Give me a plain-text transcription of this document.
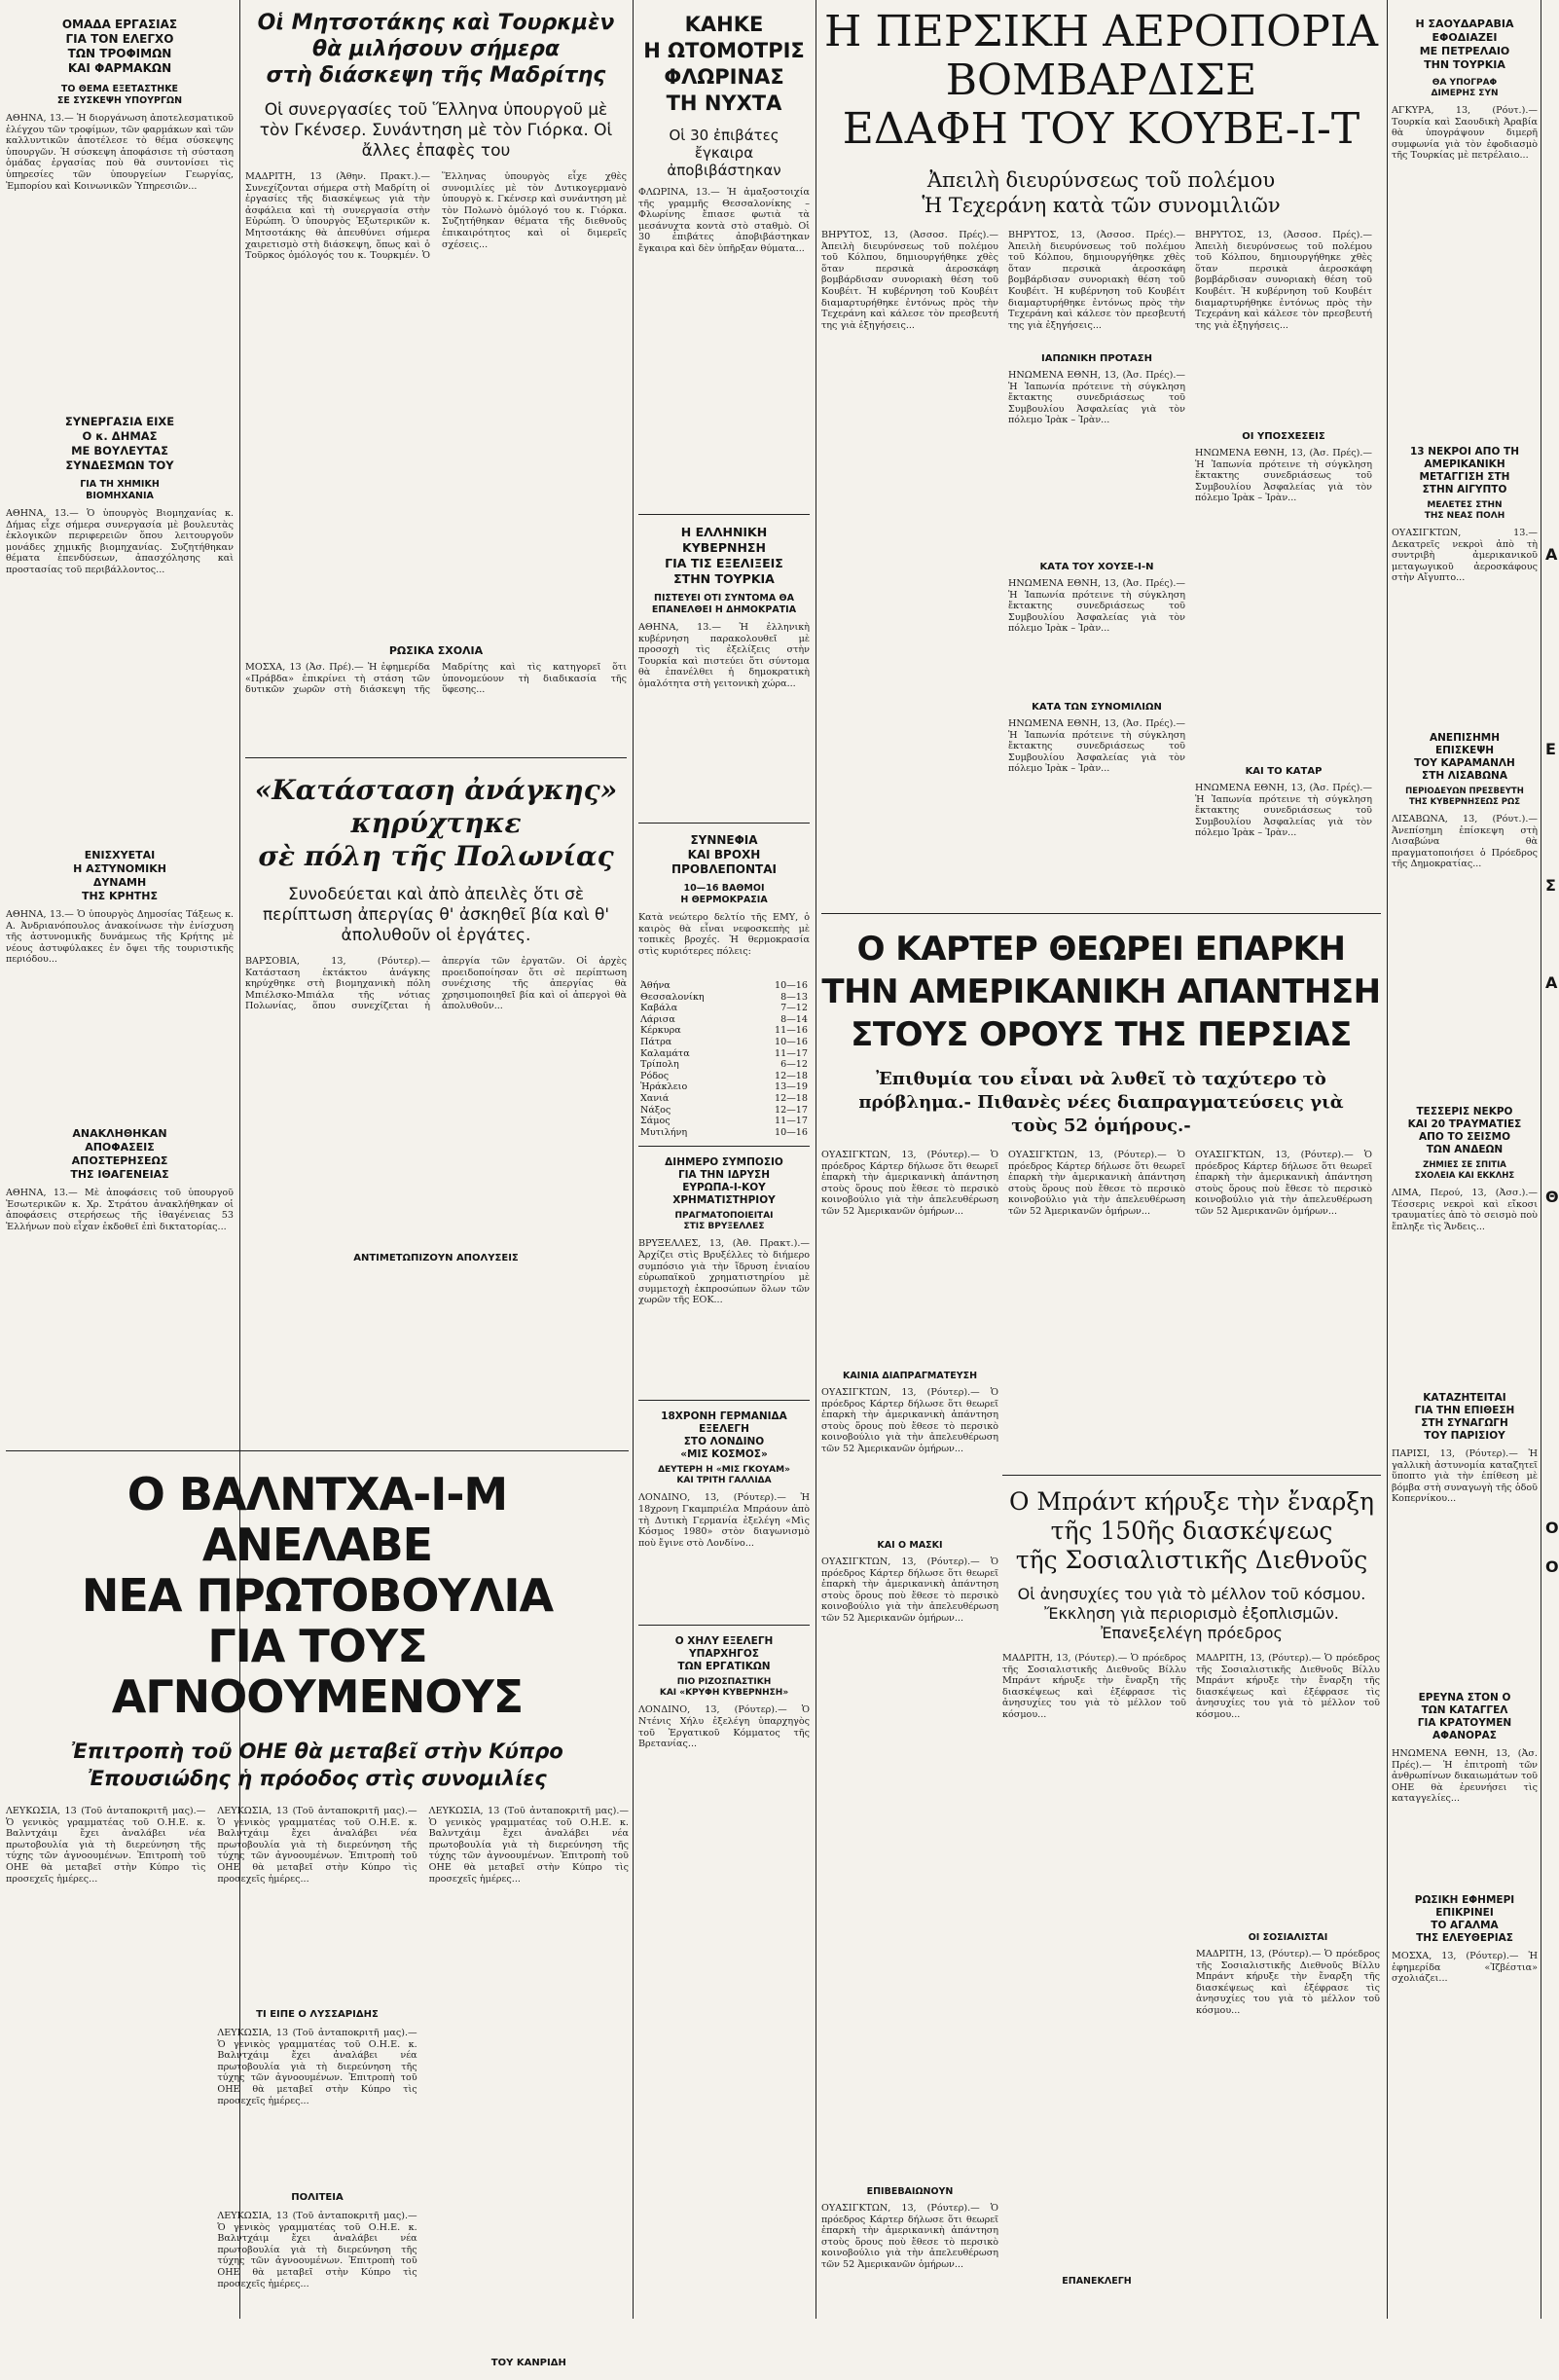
ΟΜΑΔΑ ΕΡΓΑΣΙΑΣ
ΓΙΑ ΤΟΝ ΕΛΕΓΧΟ
ΤΩΝ ΤΡΟΦΙΜΩΝ
ΚΑΙ ΦΑΡΜΑΚΩΝ
ΤΟ ΘΕΜΑ ΕΞΕΤΑΣΤΗΚΕ
ΣΕ ΣΥΣΚΕΨΗ ΥΠΟΥΡΓΩΝ

ΑΘΗΝΑ, 13.— Ἡ διοργάνωση ἀποτελεσματικοῦ ἐλέγχου τῶν τροφίμων, τῶν φαρμάκων καὶ τῶν καλλυντικῶν ἀποτέλεσε τὸ θέμα σύσκεψης ὑπουργῶν. Ἡ σύσκεψη ἀποφάσισε τὴ σύσταση ὁμάδας ἐργασίας ποὺ θὰ συντονίσει τὶς ὑπηρεσίες τῶν ὑπουργείων Γεωργίας, Ἐμπορίου καὶ Κοινωνικῶν Ὑπηρεσιῶν...

ΣΥΝΕΡΓΑΣΙΑ ΕΙΧΕ
Ο κ. ΔΗΜΑΣ
ΜΕ ΒΟΥΛΕΥΤΑΣ
ΣΥΝΔΕΣΜΩΝ ΤΟΥ
ΓΙΑ ΤΗ ΧΗΜΙΚΗ
ΒΙΟΜΗΧΑΝΙΑ

ΑΘΗΝΑ, 13.— Ὁ ὑπουργὸς Βιομηχανίας κ. Δήμας εἶχε σήμερα συνεργασία μὲ βουλευτὰς ἐκλογικῶν περιφερειῶν ὅπου λειτουργοῦν μονάδες χημικῆς βιομηχανίας. Συζητήθηκαν θέματα ἐπενδύσεων, ἀπασχόλησης καὶ προστασίας τοῦ περιβάλλοντος...

ΕΝΙΣΧΥΕΤΑΙ
Η ΑΣΤΥΝΟΜΙΚΗ
ΔΥΝΑΜΗ
ΤΗΣ ΚΡΗΤΗΣ

ΑΘΗΝΑ, 13.— Ὁ ὑπουργὸς Δημοσίας Τάξεως κ. Α. Ἀνδριανόπουλος ἀνακοίνωσε τὴν ἐνίσχυση τῆς ἀστυνομικῆς δυνάμεως τῆς Κρήτης μὲ νέους ἀστυφύλακες ἐν ὄψει τῆς τουριστικῆς περιόδου...

ΑΝΑΚΛΗΘΗΚΑΝ
ΑΠΟΦΑΣΕΙΣ
ΑΠΟΣΤΕΡΗΣΕΩΣ
ΤΗΣ ΙΘΑΓΕΝΕΙΑΣ

ΑΘΗΝΑ, 13.— Μὲ ἀποφάσεις τοῦ ὑπουργοῦ Ἐσωτερικῶν κ. Χρ. Στράτου ἀνακλήθηκαν οἱ ἀποφάσεις στερήσεως τῆς ἰθαγένειας 53 Ἑλλήνων ποὺ εἶχαν ἐκδοθεῖ ἐπὶ δικτατορίας...

Οἱ Μητσοτάκης καὶ Τουρκμὲν
θὰ μιλήσουν σήμερα
στὴ διάσκεψη τῆς Μαδρίτης
Οἱ συνεργασίες τοῦ Ἕλληνα ὑπουργοῦ μὲ τὸν Γκένσερ. Συνάντηση μὲ τὸν Γιόρκα. Οἱ ἄλλες ἐπαφὲς του

ΜΑΔΡΙΤΗ, 13 (Ἀθην. Πρακτ.).— Συνεχίζονται σήμερα στὴ Μαδρίτη οἱ ἐργασίες τῆς διασκέψεως γιὰ τὴν ἀσφάλεια καὶ τὴ συνεργασία στὴν Εὐρώπη. Ὁ ὑπουργὸς Ἐξωτερικῶν κ. Μητσοτάκης θὰ ἀπευθύνει σήμερα χαιρετισμὸ στὴ διάσκεψη, ὅπως καὶ ὁ Τοῦρκος ὁμόλογός του κ. Τουρκμέν. Ὁ Ἕλληνας ὑπουργὸς εἶχε χθὲς συνομιλίες μὲ τὸν Δυτικογερμανὸ ὑπουργὸ κ. Γκένσερ καὶ συνάντηση μὲ τὸν Πολωνὸ ὁμόλογό του κ. Γιόρκα. Συζητήθηκαν θέματα τῆς διεθνοῦς ἐπικαιρότητος καὶ οἱ διμερεῖς σχέσεις...

ΡΩΣΙΚΑ ΣΧΟΛΙΑ

ΜΟΣΧΑ, 13 (Ἀσ. Πρέ).— Ἡ ἐφημερίδα «Πράβδα» ἐπικρίνει τὴ στάση τῶν δυτικῶν χωρῶν στὴ διάσκεψη τῆς Μαδρίτης καὶ τὶς κατηγορεῖ ὅτι ὑπονομεύουν τὴ διαδικασία τῆς ὕφεσης...

«Κατάσταση ἀνάγκης»
κηρύχτηκε
σὲ πόλη τῆς Πολωνίας
Συνοδεύεται καὶ ἀπὸ ἀπειλὲς ὅτι σὲ περίπτωση ἀπεργίας θ' ἀσκηθεῖ βία καὶ θ' ἀπολυθοῦν οἱ ἐργάτες.

ΒΑΡΣΟΒΙΑ, 13, (Ρόυτερ).— Κατάσταση ἐκτάκτου ἀνάγκης κηρύχθηκε στὴ βιομηχανικὴ πόλη Μπιέλσκο-Μπιάλα τῆς νότιας Πολωνίας, ὅπου συνεχίζεται ἡ ἀπεργία τῶν ἐργατῶν. Οἱ ἀρχὲς προειδοποίησαν ὅτι σὲ περίπτωση συνέχισης τῆς ἀπεργίας θὰ χρησιμοποιηθεῖ βία καὶ οἱ ἀπεργοὶ θὰ ἀπολυθοῦν...

ΑΝΤΙΜΕΤΩΠΙΖΟΥΝ ΑΠΟΛΥΣΕΙΣ
Ο ΒΑΛΝΤΧΑ-Ι-Μ ΑΝΕΛΑΒΕ
ΝΕΑ ΠΡΩΤΟΒΟΥΛΙΑ
ΓΙΑ ΤΟΥΣ ΑΓΝΟΟΥΜΕΝΟΥΣ
Ἐπιτροπὴ τοῦ ΟΗΕ θὰ μεταβεῖ στὴν Κύπρο
Ἐπουσιώδης ἡ πρόοδος στὶς συνομιλίες

ΛΕΥΚΩΣΙΑ, 13 (Τοῦ ἀνταποκριτῆ μας).— Ὁ γενικὸς γραμματέας τοῦ Ο.Η.Ε. κ. Βαλντχάιμ ἔχει ἀναλάβει νέα πρωτοβουλία γιὰ τὴ διερεύνηση τῆς τύχης τῶν ἀγνοουμένων. Ἐπιτροπὴ τοῦ ΟΗΕ θὰ μεταβεῖ στὴν Κύπρο τὶς προσεχεῖς ἡμέρες...

ΛΕΥΚΩΣΙΑ, 13 (Τοῦ ἀνταποκριτῆ μας).— Ὁ γενικὸς γραμματέας τοῦ Ο.Η.Ε. κ. Βαλντχάιμ ἔχει ἀναλάβει νέα πρωτοβουλία γιὰ τὴ διερεύνηση τῆς τύχης τῶν ἀγνοουμένων. Ἐπιτροπὴ τοῦ ΟΗΕ θὰ μεταβεῖ στὴν Κύπρο τὶς προσεχεῖς ἡμέρες...

ΤΙ ΕΙΠΕ Ο ΛΥΣΣΑΡΙΔΗΣ

ΛΕΥΚΩΣΙΑ, 13 (Τοῦ ἀνταποκριτῆ μας).— Ὁ γενικὸς γραμματέας τοῦ Ο.Η.Ε. κ. Βαλντχάιμ ἔχει ἀναλάβει νέα πρωτοβουλία γιὰ τὴ διερεύνηση τῆς τύχης τῶν ἀγνοουμένων. Ἐπιτροπὴ τοῦ ΟΗΕ θὰ μεταβεῖ στὴν Κύπρο τὶς προσεχεῖς ἡμέρες...

ΠΟΛΙΤΕΙΑ

ΛΕΥΚΩΣΙΑ, 13 (Τοῦ ἀνταποκριτῆ μας).— Ὁ γενικὸς γραμματέας τοῦ Ο.Η.Ε. κ. Βαλντχάιμ ἔχει ἀναλάβει νέα πρωτοβουλία γιὰ τὴ διερεύνηση τῆς τύχης τῶν ἀγνοουμένων. Ἐπιτροπὴ τοῦ ΟΗΕ θὰ μεταβεῖ στὴν Κύπρο τὶς προσεχεῖς ἡμέρες...

ΛΕΥΚΩΣΙΑ, 13 (Τοῦ ἀνταποκριτῆ μας).— Ὁ γενικὸς γραμματέας τοῦ Ο.Η.Ε. κ. Βαλντχάιμ ἔχει ἀναλάβει νέα πρωτοβουλία γιὰ τὴ διερεύνηση τῆς τύχης τῶν ἀγνοουμένων. Ἐπιτροπὴ τοῦ ΟΗΕ θὰ μεταβεῖ στὴν Κύπρο τὶς προσεχεῖς ἡμέρες...

ΤΟΥ ΚΑΝΡΙΔΗ
ΚΑΗΚΕ
Η ΩΤΟΜΟΤΡΙΣ
ΦΛΩΡΙΝΑΣ
ΤΗ ΝΥΧΤΑ
Οἱ 30 ἐπιβάτες
ἔγκαιρα
ἀποβιβάστηκαν

ΦΛΩΡΙΝΑ, 13.— Ἡ ἀμαξοστοιχία τῆς γραμμῆς Θεσσαλονίκης – Φλωρίνης ἔπιασε φωτιὰ τὰ μεσάνυχτα κοντὰ στὸ σταθμὸ. Οἱ 30 ἐπιβάτες ἀποβιβάστηκαν ἔγκαιρα καὶ δὲν ὑπῆρξαν θύματα...

Η ΕΛΛΗΝΙΚΗ
ΚΥΒΕΡΝΗΣΗ
ΓΙΑ ΤΙΣ ΕΞΕΛΙΞΕΙΣ
ΣΤΗΝ ΤΟΥΡΚΙΑ
ΠΙΣΤΕΥΕΙ ΟΤΙ ΣΥΝΤΟΜΑ ΘΑ ΕΠΑΝΕΛΘΕΙ Η ΔΗΜΟΚΡΑΤΙΑ

ΑΘΗΝΑ, 13.— Ἡ ἑλληνικὴ κυβέρνηση παρακολουθεῖ μὲ προσοχὴ τὶς ἐξελίξεις στὴν Τουρκία καὶ πιστεύει ὅτι σύντομα θὰ ἐπανέλθει ἡ δημοκρατικὴ ὁμαλότητα στὴ γειτονικὴ χώρα...

ΣΥΝΝΕΦΙΑ
ΚΑΙ ΒΡΟΧΗ
ΠΡΟΒΛΕΠΟΝΤΑΙ
10—16 ΒΑΘΜΟΙ
Η ΘΕΡΜΟΚΡΑΣΙΑ

Κατὰ νεώτερο δελτίο τῆς ΕΜΥ, ὁ καιρὸς θὰ εἶναι νεφοσκεπὴς μὲ τοπικὲς βροχές. Ἡ θερμοκρασία στὶς κυριότερες πόλεις:

Ἀθήνα	10—16
Θεσσαλονίκη	8—13
Καβάλα	7—12
Λάρισα	8—14
Κέρκυρα	11—16
Πάτρα	10—16
Καλαμάτα	11—17
Τρίπολη	6—12
Ρόδος	12—18
Ἡράκλειο	13—19
Χανιά	12—18
Νάξος	12—17
Σάμος	11—17
Μυτιλήνη	10—16
ΔΙΗΜΕΡΟ ΣΥΜΠΟΣΙΟ
ΓΙΑ ΤΗΝ ΙΔΡΥΣΗ
ΕΥΡΩΠΑ-Ι-ΚΟΥ
ΧΡΗΜΑΤΙΣΤΗΡΙΟΥ
ΠΡΑΓΜΑΤΟΠΟΙΕΙΤΑΙ
ΣΤΙΣ ΒΡΥΞΕΛΛΕΣ

ΒΡΥΞΕΛΛΕΣ, 13, (Ἀθ. Πρακτ.).— Ἀρχίζει στὶς Βρυξέλλες τὸ διήμερο συμπόσιο γιὰ τὴν ἵδρυση ἑνιαίου εὐρωπαϊκοῦ χρηματιστηρίου μὲ συμμετοχὴ ἐκπροσώπων ὅλων τῶν χωρῶν τῆς ΕΟΚ...

18ΧΡΟΝΗ ΓΕΡΜΑΝΙΔΑ
ΕΞΕΛΕΓΗ
ΣΤΟ ΛΟΝΔΙΝΟ
«ΜΙΣ ΚΟΣΜΟΣ»
ΔΕΥΤΕΡΗ Η «ΜΙΣ ΓΚΟΥΑΜ»
ΚΑΙ ΤΡΙΤΗ ΓΑΛΛΙΔΑ

ΛΟΝΔΙΝΟ, 13, (Ρόυτερ).— Ἡ 18χρονη Γκαμπριέλα Μπράουν ἀπὸ τὴ Δυτικὴ Γερμανία ἐξελέγη «Μὶς Κόσμος 1980» στὸν διαγωνισμὸ ποὺ ἔγινε στὸ Λονδίνο...

Ο ΧΗΛΥ ΕΞΕΛΕΓΗ
ΥΠΑΡΧΗΓΟΣ
ΤΩΝ ΕΡΓΑΤΙΚΩΝ
ΠΙΟ ΡΙΖΟΣΠΑΣΤΙΚΗ
ΚΑΙ «ΚΡΥΦΗ ΚΥΒΕΡΝΗΣΗ»

ΛΟΝΔΙΝΟ, 13, (Ρόυτερ).— Ὁ Ντένις Χήλυ ἐξελέγη ὑπαρχηγὸς τοῦ Ἐργατικοῦ Κόμματος τῆς Βρετανίας...

Η ΠΕΡΣΙΚΗ ΑΕΡΟΠΟΡΙΑ
ΒΟΜΒΑΡΔΙΣΕ
ΕΔΑΦΗ ΤΟΥ ΚΟΥΒΕ-Ι-Τ
Ἀπειλὴ διευρύνσεως τοῦ πολέμου
Ἡ Τεχεράνη κατὰ τῶν συνομιλιῶν

ΒΗΡΥΤΟΣ, 13, (Ἀσσοσ. Πρές).— Ἀπειλὴ διευρύνσεως τοῦ πολέμου τοῦ Κόλπου, δημιουργήθηκε χθὲς ὅταν περσικὰ ἀεροσκάφη βομβάρδισαν συνοριακὴ θέση τοῦ Κουβέιτ. Ἡ κυβέρνηση τοῦ Κουβέιτ διαμαρτυρήθηκε ἐντόνως πρὸς τὴν Τεχεράνη καὶ κάλεσε τὸν πρεσβευτή της γιὰ ἐξηγήσεις...

ΒΗΡΥΤΟΣ, 13, (Ἀσσοσ. Πρές).— Ἀπειλὴ διευρύνσεως τοῦ πολέμου τοῦ Κόλπου, δημιουργήθηκε χθὲς ὅταν περσικὰ ἀεροσκάφη βομβάρδισαν συνοριακὴ θέση τοῦ Κουβέιτ. Ἡ κυβέρνηση τοῦ Κουβέιτ διαμαρτυρήθηκε ἐντόνως πρὸς τὴν Τεχεράνη καὶ κάλεσε τὸν πρεσβευτή της γιὰ ἐξηγήσεις...

ΙΑΠΩΝΙΚΗ ΠΡΟΤΑΣΗ

ΗΝΩΜΕΝΑ ΕΘΝΗ, 13, (Ἀσ. Πρές).— Ἡ Ἰαπωνία πρότεινε τὴ σύγκληση ἔκτακτης συνεδριάσεως τοῦ Συμβουλίου Ἀσφαλείας γιὰ τὸν πόλεμο Ἰρὰκ – Ἰρὰν...

ΚΑΤΑ ΤΟΥ ΧΟΥΣΕ-Ι-Ν

ΗΝΩΜΕΝΑ ΕΘΝΗ, 13, (Ἀσ. Πρές).— Ἡ Ἰαπωνία πρότεινε τὴ σύγκληση ἔκτακτης συνεδριάσεως τοῦ Συμβουλίου Ἀσφαλείας γιὰ τὸν πόλεμο Ἰρὰκ – Ἰρὰν...

ΚΑΤΑ ΤΩΝ ΣΥΝΟΜΙΛΙΩΝ

ΗΝΩΜΕΝΑ ΕΘΝΗ, 13, (Ἀσ. Πρές).— Ἡ Ἰαπωνία πρότεινε τὴ σύγκληση ἔκτακτης συνεδριάσεως τοῦ Συμβουλίου Ἀσφαλείας γιὰ τὸν πόλεμο Ἰρὰκ – Ἰρὰν...

ΒΗΡΥΤΟΣ, 13, (Ἀσσοσ. Πρές).— Ἀπειλὴ διευρύνσεως τοῦ πολέμου τοῦ Κόλπου, δημιουργήθηκε χθὲς ὅταν περσικὰ ἀεροσκάφη βομβάρδισαν συνοριακὴ θέση τοῦ Κουβέιτ. Ἡ κυβέρνηση τοῦ Κουβέιτ διαμαρτυρήθηκε ἐντόνως πρὸς τὴν Τεχεράνη καὶ κάλεσε τὸν πρεσβευτή της γιὰ ἐξηγήσεις...

ΟΙ ΥΠΟΣΧΕΣΕΙΣ

ΗΝΩΜΕΝΑ ΕΘΝΗ, 13, (Ἀσ. Πρές).— Ἡ Ἰαπωνία πρότεινε τὴ σύγκληση ἔκτακτης συνεδριάσεως τοῦ Συμβουλίου Ἀσφαλείας γιὰ τὸν πόλεμο Ἰρὰκ – Ἰρὰν...

ΚΑΙ ΤΟ ΚΑΤΑΡ

ΗΝΩΜΕΝΑ ΕΘΝΗ, 13, (Ἀσ. Πρές).— Ἡ Ἰαπωνία πρότεινε τὴ σύγκληση ἔκτακτης συνεδριάσεως τοῦ Συμβουλίου Ἀσφαλείας γιὰ τὸν πόλεμο Ἰρὰκ – Ἰρὰν...

Ο ΚΑΡΤΕΡ ΘΕΩΡΕΙ ΕΠΑΡΚΗ
ΤΗΝ ΑΜΕΡΙΚΑΝΙΚΗ ΑΠΑΝΤΗΣΗ
ΣΤΟΥΣ ΟΡΟΥΣ ΤΗΣ ΠΕΡΣΙΑΣ
Ἐπιθυμία του εἶναι νὰ λυθεῖ τὸ ταχύτερο τὸ πρόβλημα.- Πιθανὲς νέες διαπραγματεύσεις γιὰ τοὺς 52 ὁμήρους.-

ΟΥΑΣΙΓΚΤΩΝ, 13, (Ρόυτερ).— Ὁ πρόεδρος Κάρτερ δήλωσε ὅτι θεωρεῖ ἐπαρκὴ τὴν ἀμερικανικὴ ἀπάντηση στοὺς ὅρους ποὺ ἔθεσε τὸ περσικὸ κοινοβούλιο γιὰ τὴν ἀπελευθέρωση τῶν 52 Ἀμερικανῶν ὁμήρων...

ΚΑΙΝΙΑ ΔΙΑΠΡΑΓΜΑΤΕΥΣΗ

ΟΥΑΣΙΓΚΤΩΝ, 13, (Ρόυτερ).— Ὁ πρόεδρος Κάρτερ δήλωσε ὅτι θεωρεῖ ἐπαρκὴ τὴν ἀμερικανικὴ ἀπάντηση στοὺς ὅρους ποὺ ἔθεσε τὸ περσικὸ κοινοβούλιο γιὰ τὴν ἀπελευθέρωση τῶν 52 Ἀμερικανῶν ὁμήρων...

ΚΑΙ Ο ΜΑΣΚΙ

ΟΥΑΣΙΓΚΤΩΝ, 13, (Ρόυτερ).— Ὁ πρόεδρος Κάρτερ δήλωσε ὅτι θεωρεῖ ἐπαρκὴ τὴν ἀμερικανικὴ ἀπάντηση στοὺς ὅρους ποὺ ἔθεσε τὸ περσικὸ κοινοβούλιο γιὰ τὴν ἀπελευθέρωση τῶν 52 Ἀμερικανῶν ὁμήρων...

ΕΠΙΒΕΒΑΙΩΝΟΥΝ

ΟΥΑΣΙΓΚΤΩΝ, 13, (Ρόυτερ).— Ὁ πρόεδρος Κάρτερ δήλωσε ὅτι θεωρεῖ ἐπαρκὴ τὴν ἀμερικανικὴ ἀπάντηση στοὺς ὅρους ποὺ ἔθεσε τὸ περσικὸ κοινοβούλιο γιὰ τὴν ἀπελευθέρωση τῶν 52 Ἀμερικανῶν ὁμήρων...

ΟΥΑΣΙΓΚΤΩΝ, 13, (Ρόυτερ).— Ὁ πρόεδρος Κάρτερ δήλωσε ὅτι θεωρεῖ ἐπαρκὴ τὴν ἀμερικανικὴ ἀπάντηση στοὺς ὅρους ποὺ ἔθεσε τὸ περσικὸ κοινοβούλιο γιὰ τὴν ἀπελευθέρωση τῶν 52 Ἀμερικανῶν ὁμήρων...

ΕΠΑΝΕΚΛΕΓΗ

ΟΥΑΣΙΓΚΤΩΝ, 13, (Ρόυτερ).— Ὁ πρόεδρος Κάρτερ δήλωσε ὅτι θεωρεῖ ἐπαρκὴ τὴν ἀμερικανικὴ ἀπάντηση στοὺς ὅρους ποὺ ἔθεσε τὸ περσικὸ κοινοβούλιο γιὰ τὴν ἀπελευθέρωση τῶν 52 Ἀμερικανῶν ὁμήρων...

Ο Μπράντ κήρυξε τὴν ἔναρξη
τῆς 150ῆς διασκέψεως
τῆς Σοσιαλιστικῆς Διεθνοῦς
Οἱ ἀνησυχίες του γιὰ τὸ μέλλον τοῦ κόσμου. Ἔκκληση γιὰ περιορισμὸ ἐξοπλισμῶν. Ἐπανεξελέγη πρόεδρος

ΜΑΔΡΙΤΗ, 13, (Ρόυτερ).— Ὁ πρόεδρος τῆς Σοσιαλιστικῆς Διεθνοῦς Βίλλυ Μπράντ κήρυξε τὴν ἔναρξη τῆς διασκέψεως καὶ ἐξέφρασε τὶς ἀνησυχίες του γιὰ τὸ μέλλον τοῦ κόσμου...

ΜΑΔΡΙΤΗ, 13, (Ρόυτερ).— Ὁ πρόεδρος τῆς Σοσιαλιστικῆς Διεθνοῦς Βίλλυ Μπράντ κήρυξε τὴν ἔναρξη τῆς διασκέψεως καὶ ἐξέφρασε τὶς ἀνησυχίες του γιὰ τὸ μέλλον τοῦ κόσμου...

ΟΙ ΣΟΣΙΑΛΙΣΤΑΙ

ΜΑΔΡΙΤΗ, 13, (Ρόυτερ).— Ὁ πρόεδρος τῆς Σοσιαλιστικῆς Διεθνοῦς Βίλλυ Μπράντ κήρυξε τὴν ἔναρξη τῆς διασκέψεως καὶ ἐξέφρασε τὶς ἀνησυχίες του γιὰ τὸ μέλλον τοῦ κόσμου...

Η ΣΑΟΥΔΑΡΑΒΙΑ
ΕΦΟΔΙΑΖΕΙ
ΜΕ ΠΕΤΡΕΛΑΙΟ
ΤΗΝ ΤΟΥΡΚΙΑ
ΘΑ ΥΠΟΓΡΑΦ
ΔΙΜΕΡΗΣ ΣΥΝ

ΑΓΚΥΡΑ, 13, (Ρόυτ.).— Τουρκία καὶ Σαουδικὴ Ἀραβία θὰ ὑπογράψουν διμερῆ συμφωνία γιὰ τὸν ἐφοδιασμὸ τῆς Τουρκίας μὲ πετρέλαιο...

13 ΝΕΚΡΟΙ ΑΠΟ ΤΗ
ΑΜΕΡΙΚΑΝΙΚΗ
ΜΕΤΑΓΓΙΣΗ ΣΤΗ
ΣΤΗΝ ΑΙΓΥΠΤΟ
ΜΕΛΕΤΕΣ ΣΤΗΝ
ΤΗΣ ΝΕΑΣ ΠΟΛΗ

ΟΥΑΣΙΓΚΤΩΝ, 13.— Δεκατρεῖς νεκροὶ ἀπὸ τὴ συντριβὴ ἀμερικανικοῦ μεταγωγικοῦ ἀεροσκάφους στὴν Αἴγυπτο...

ΑΝΕΠΙΣΗΜΗ
ΕΠΙΣΚΕΨΗ
ΤΟΥ ΚΑΡΑΜΑΝΛΗ
ΣΤΗ ΛΙΣΑΒΩΝΑ
ΠΕΡΙΟΔΕΥΩΝ ΠΡΕΣΒΕΥΤΗ
ΤΗΣ ΚΥΒΕΡΝΗΣΕΩΣ ΡΩΣ

ΛΙΣΑΒΩΝΑ, 13, (Ρόυτ.).— Ἀνεπίσημη ἐπίσκεψη στὴ Λισαβώνα θὰ πραγματοποιήσει ὁ Πρόεδρος τῆς Δημοκρατίας...

ΤΕΣΣΕΡΙΣ ΝΕΚΡΟ
ΚΑΙ 20 ΤΡΑΥΜΑΤΙΕΣ
ΑΠΟ ΤΟ ΣΕΙΣΜΟ
ΤΩΝ ΑΝΔΕΩΝ
ΖΗΜΙΕΣ ΣΕ ΣΠΙΤΙΑ
ΣΧΟΛΕΙΑ ΚΑΙ ΕΚΚΛΗΣ

ΛΙΜΑ, Περού, 13, (Ἀσσ.).— Τέσσερις νεκροὶ καὶ εἴκοσι τραυματίες ἀπὸ τὸ σεισμὸ ποὺ ἔπληξε τὶς Ἄνδεις...

ΚΑΤΑΖΗΤΕΙΤΑΙ
ΓΙΑ ΤΗΝ ΕΠΙΘΕΣΗ
ΣΤΗ ΣΥΝΑΓΩΓΗ
ΤΟΥ ΠΑΡΙΣΙΟΥ

ΠΑΡΙΣΙ, 13, (Ρόυτερ).— Ἡ γαλλικὴ ἀστυνομία καταζητεῖ ὕποπτο γιὰ τὴν ἐπίθεση μὲ βόμβα στὴ συναγωγὴ τῆς ὁδοῦ Κοπερνίκου...

ΕΡΕΥΝΑ ΣΤΟΝ Ο
ΤΩΝ ΚΑΤΑΓΓΕΛ
ΓΙΑ ΚΡΑΤΟΥΜΕΝ
ΑΦΑΝΟΡΑΣ

ΗΝΩΜΕΝΑ ΕΘΝΗ, 13, (Ἀσ. Πρές).— Ἡ ἐπιτροπὴ τῶν ἀνθρωπίνων δικαιωμάτων τοῦ ΟΗΕ θὰ ἐρευνήσει τὶς καταγγελίες...

ΡΩΣΙΚΗ ΕΦΗΜΕΡΙ
ΕΠΙΚΡΙΝΕΙ
ΤΟ ΑΓΑΛΜΑ
ΤΗΣ ΕΛΕΥΘΕΡΙΑΣ

ΜΟΣΧΑ, 13, (Ρόυτερ).— Ἡ ἐφημερίδα «Ἰζβέστια» σχολιάζει...

Α
Ε
Σ
Α
Θ
Ο
Ο
